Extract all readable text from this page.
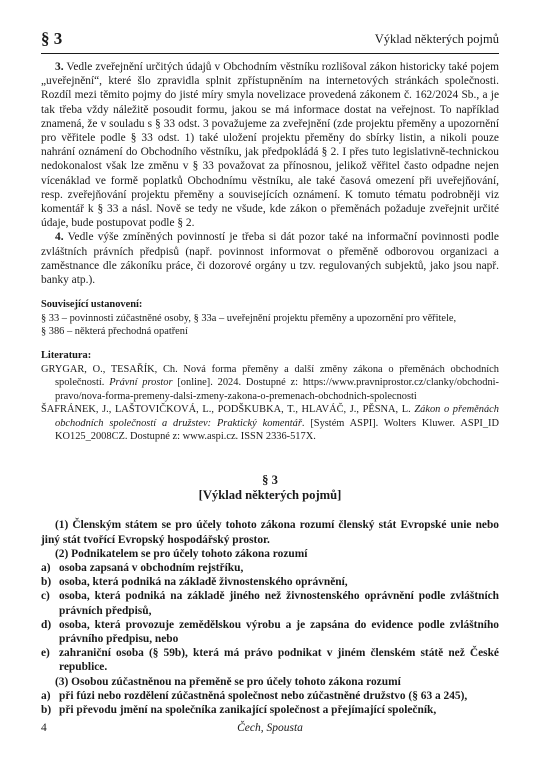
§ 3	Výklad některých pojmů

3. Vedle zveřejnění určitých údajů v Obchodním věstníku rozlišoval zákon historicky také pojem „uveřejnění“, které šlo zpravidla splnit zpřístupněním na internetových stránkách společnosti. Rozdíl mezi těmito pojmy do jisté míry smyla novelizace provedená zákonem č. 162/2024 Sb., a je tak třeba vždy náležitě posoudit formu, jakou se má informace dostat na veřejnost. To například znamená, že v souladu s § 33 odst. 3 považujeme za zveřejnění (zde projektu přeměny a upozornění pro věřitele podle § 33 odst. 1) také uložení projektu přeměny do sbírky listin, a nikoli pouze nahrání oznámení do Obchodního věstníku, jak předpokládá § 2. I přes tuto legislativně-technickou nedokonalost však lze změnu v § 33 považovat za přínosnou, jelikož věřitel často odpadne nejen vícenáklad ve formě poplatků Obchodnímu věstníku, ale také časová omezení při uveřejňování, resp. zveřejňování projektu přeměny a souvisejících oznámení. K tomuto tématu podrobněji viz komentář k § 33 a násl. Nově se tedy ne všude, kde zákon o přeměnách požaduje zveřejnit určité údaje, bude postupovat podle § 2.

4. Vedle výše zmíněných povinností je třeba si dát pozor také na informační povinnosti podle zvláštních právních předpisů (např. povinnost informovat o přeměně odborovou organizaci a zaměstnance dle zákoníku práce, či dozorové orgány u tzv. regulovaných subjektů, jako jsou např. banky atp.).

Související ustanovení:

§ 33 – povinnosti zúčastněné osoby, § 33a – uveřejnění projektu přeměny a upozornění pro věřitele,

§ 386 – některá přechodná opatření

Literatura:

GRYGAR, O., TESAŘÍK, Ch. Nová forma přeměny a další změny zákona o přeměnách obchodních společností. Právní prostor [online]. 2024. Dostupné z: https://www.pravniprostor.cz/clanky/obchodni-pravo/nova-forma-premeny-dalsi-zmeny-zakona-o-premenach-obchodnich-spolecnosti

ŠAFRÁNEK, J., LAŠTOVIČKOVÁ, L., PODŠKUBKA, T., HLAVÁČ, J., PĚSNA, L. Zákon o přeměnách obchodních společností a družstev: Praktický komentář. [Systém ASPI]. Wolters Kluwer. ASPI_ID KO125_2008CZ. Dostupné z: www.aspi.cz. ISSN 2336-517X.

§ 3
[Výklad některých pojmů]

(1) Členským státem se pro účely tohoto zákona rozumí členský stát Evropské unie nebo jiný stát tvořící Evropský hospodářský prostor.

(2) Podnikatelem se pro účely tohoto zákona rozumí

a) osoba zapsaná v obchodním rejstříku,
b) osoba, která podniká na základě živnostenského oprávnění,
c) osoba, která podniká na základě jiného než živnostenského oprávnění podle zvláštních právních předpisů,
d) osoba, která provozuje zemědělskou výrobu a je zapsána do evidence podle zvláštního právního předpisu, nebo
e) zahraniční osoba (§ 59b), která má právo podnikat v jiném členském státě než České republice.

(3) Osobou zúčastněnou na přeměně se pro účely tohoto zákona rozumí

a) při fúzi nebo rozdělení zúčastněná společnost nebo zúčastněné družstvo (§ 63 a 245),
b) při převodu jmění na společníka zanikající společnost a přejímající společník,
4	Čech, Spousta
